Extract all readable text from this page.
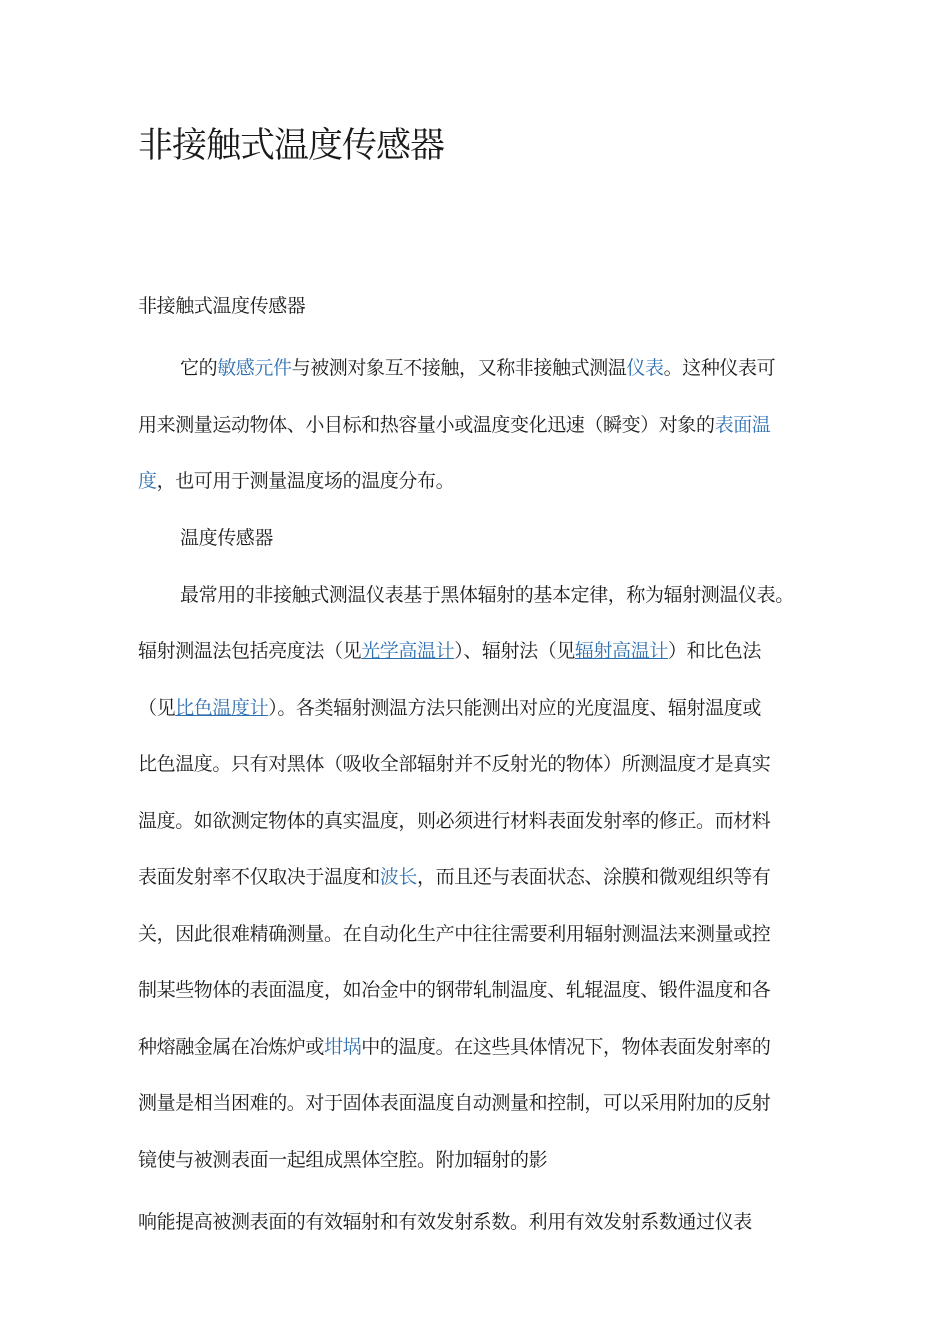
非接触式温度传感器

非接触式温度传感器

它的敏感元件与被测对象互不接触，又称非接触式测温仪表。这种仪表可

用来测量运动物体、小目标和热容量小或温度变化迅速（瞬变）对象的表面温

度，也可用于测量温度场的温度分布。

温度传感器

最常用的非接触式测温仪表基于黑体辐射的基本定律，称为辐射测温仪表。

辐射测温法包括亮度法（见光学高温计）、辐射法（见辐射高温计）和比色法

（见比色温度计）。各类辐射测温方法只能测出对应的光度温度、辐射温度或

比色温度。只有对黑体（吸收全部辐射并不反射光的物体）所测温度才是真实

温度。如欲测定物体的真实温度，则必须进行材料表面发射率的修正。而材料

表面发射率不仅取决于温度和波长，而且还与表面状态、涂膜和微观组织等有

关，因此很难精确测量。在自动化生产中往往需要利用辐射测温法来测量或控

制某些物体的表面温度，如冶金中的钢带轧制温度、轧辊温度、锻件温度和各

种熔融金属在冶炼炉或坩埚中的温度。在这些具体情况下，物体表面发射率的

测量是相当困难的。对于固体表面温度自动测量和控制，可以采用附加的反射

镜使与被测表面一起组成黑体空腔。附加辐射的影

响能提高被测表面的有效辐射和有效发射系数。利用有效发射系数通过仪表
